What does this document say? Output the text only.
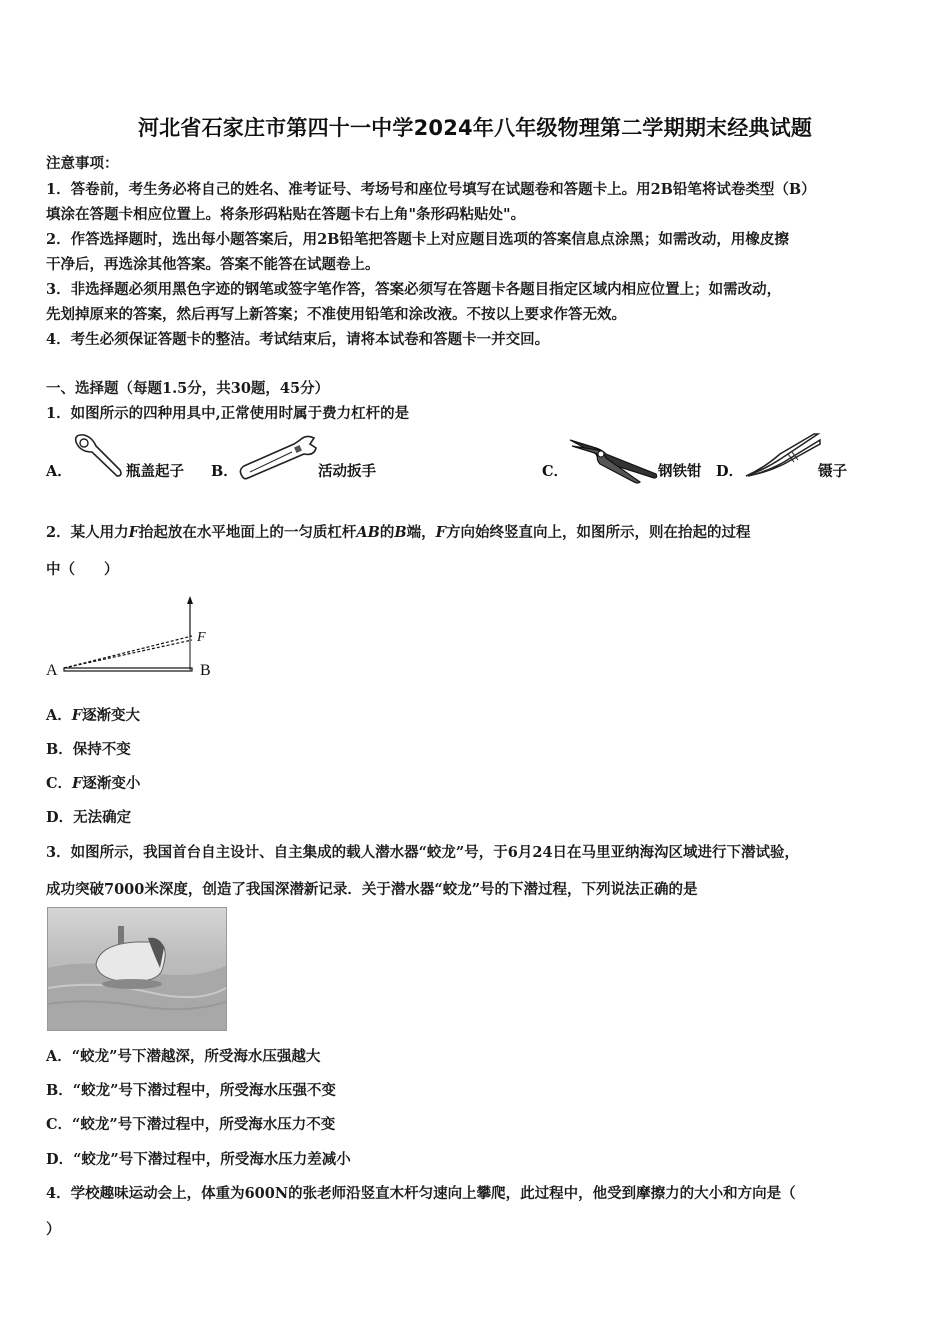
河北省石家庄市第四十一中学2024年八年级物理第二学期期末经典试题
注意事项：
1．答卷前，考生务必将自己的姓名、准考证号、考场号和座位号填写在试题卷和答题卡上。用2B铅笔将试卷类型（B）
填涂在答题卡相应位置上。将条形码粘贴在答题卡右上角"条形码粘贴处"。
2．作答选择题时，选出每小题答案后，用2B铅笔把答题卡上对应题目选项的答案信息点涂黑；如需改动，用橡皮擦
干净后，再选涂其他答案。答案不能答在试题卷上。
3．非选择题必须用黑色字迹的钢笔或签字笔作答，答案必须写在答题卡各题目指定区域内相应位置上；如需改动，
先划掉原来的答案，然后再写上新答案；不准使用铅笔和涂改液。不按以上要求作答无效。
4．考生必须保证答题卡的整洁。考试结束后，请将本试卷和答题卡一并交回。
一、选择题（每题1.5分，共30题，45分）
1．如图所示的四种用具中,正常使用时属于费力杠杆的是
A．	瓶盖起子 B．	活动扳手	C．	钢铁钳 D．	镊子
2．某人用力F抬起放在水平地面上的一匀质杠杆AB的B端，F方向始终竖直向上，如图所示，则在抬起的过程
中（　　）
A	B
F
A．F逐渐变大
B．保持不变
C．F逐渐变小
D．无法确定
3．如图所示，我国首台自主设计、自主集成的载人潜水器“蛟龙”号，于6月24日在马里亚纳海沟区域进行下潜试验，
成功突破7000米深度，创造了我国深潜新记录．关于潜水器“蛟龙”号的下潜过程，下列说法正确的是
A．“蛟龙”号下潜越深，所受海水压强越大
B．“蛟龙”号下潜过程中，所受海水压强不变
C．“蛟龙”号下潜过程中，所受海水压力不变
D．“蛟龙”号下潜过程中，所受海水压力差减小
4．学校趣味运动会上，体重为600N的张老师沿竖直木杆匀速向上攀爬，此过程中，他受到摩擦力的大小和方向是（
）
